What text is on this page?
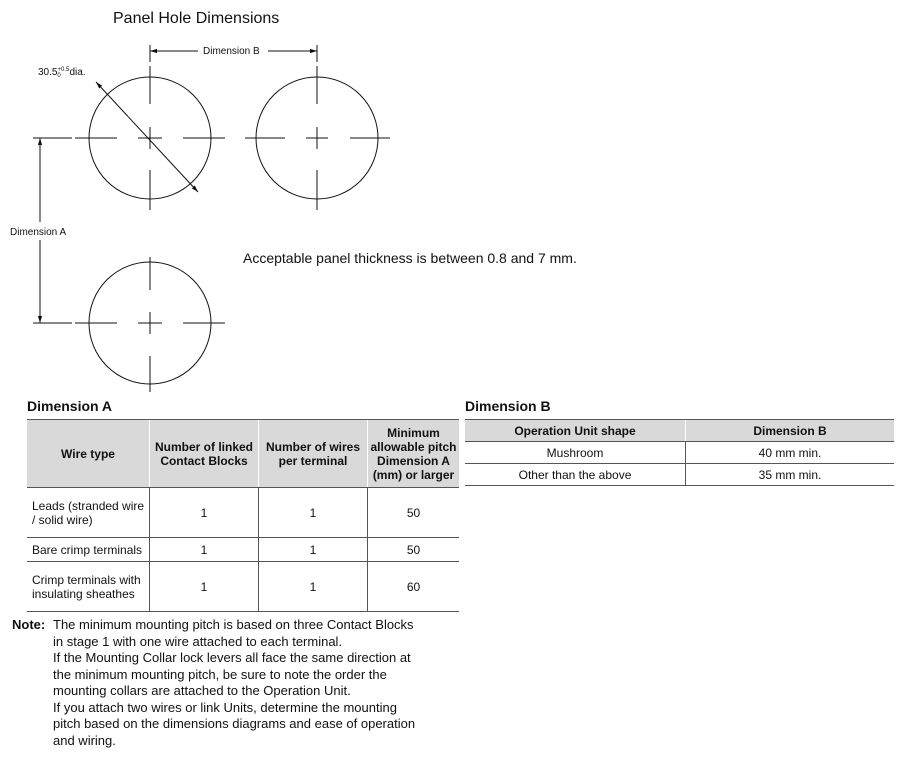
Panel Hole Dimensions
Dimension B
Dimension A
$30.5^{+0.5}$ 0 dia.
Acceptable panel thickness is between 0.8 and 7 mm.
Dimension A
Wire type	Number of linked Contact Blocks	Number of wires per terminal	Minimum allowable pitch Dimension A (mm) or larger
Leads (stranded wire / solid wire)	1	1	50
Bare crimp terminals	1	1	50
Crimp terminals with insulating sheathes	1	1	60
Dimension B
Operation Unit shape	Dimension B
Mushroom	40 mm min.
Other than the above	35 mm min.
Note: The minimum mounting pitch is based on three Contact Blocks
in stage 1 with one wire attached to each terminal.
If the Mounting Collar lock levers all face the same direction at
the minimum mounting pitch, be sure to note the order the
mounting collars are attached to the Operation Unit.
If you attach two wires or link Units, determine the mounting
pitch based on the dimensions diagrams and ease of operation
and wiring.
